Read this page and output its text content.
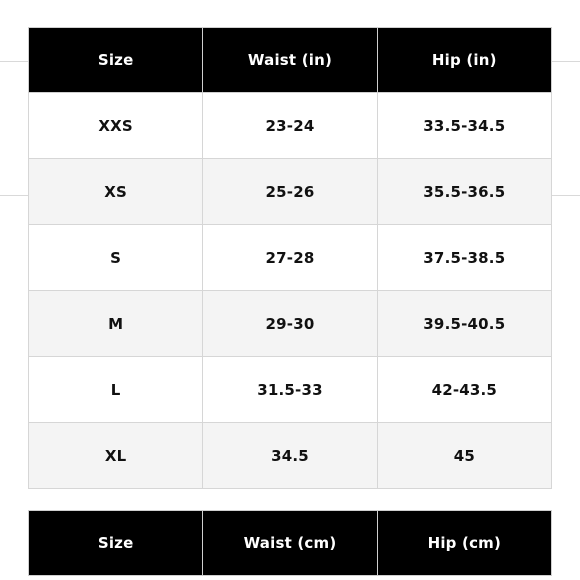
Size	Waist (in)	Hip (in)
XXS	23-24	33.5-34.5
XS	25-26	35.5-36.5
S	27-28	37.5-38.5
M	29-30	39.5-40.5
L	31.5-33	42-43.5
XL	34.5	45
Size	Waist (cm)	Hip (cm)
